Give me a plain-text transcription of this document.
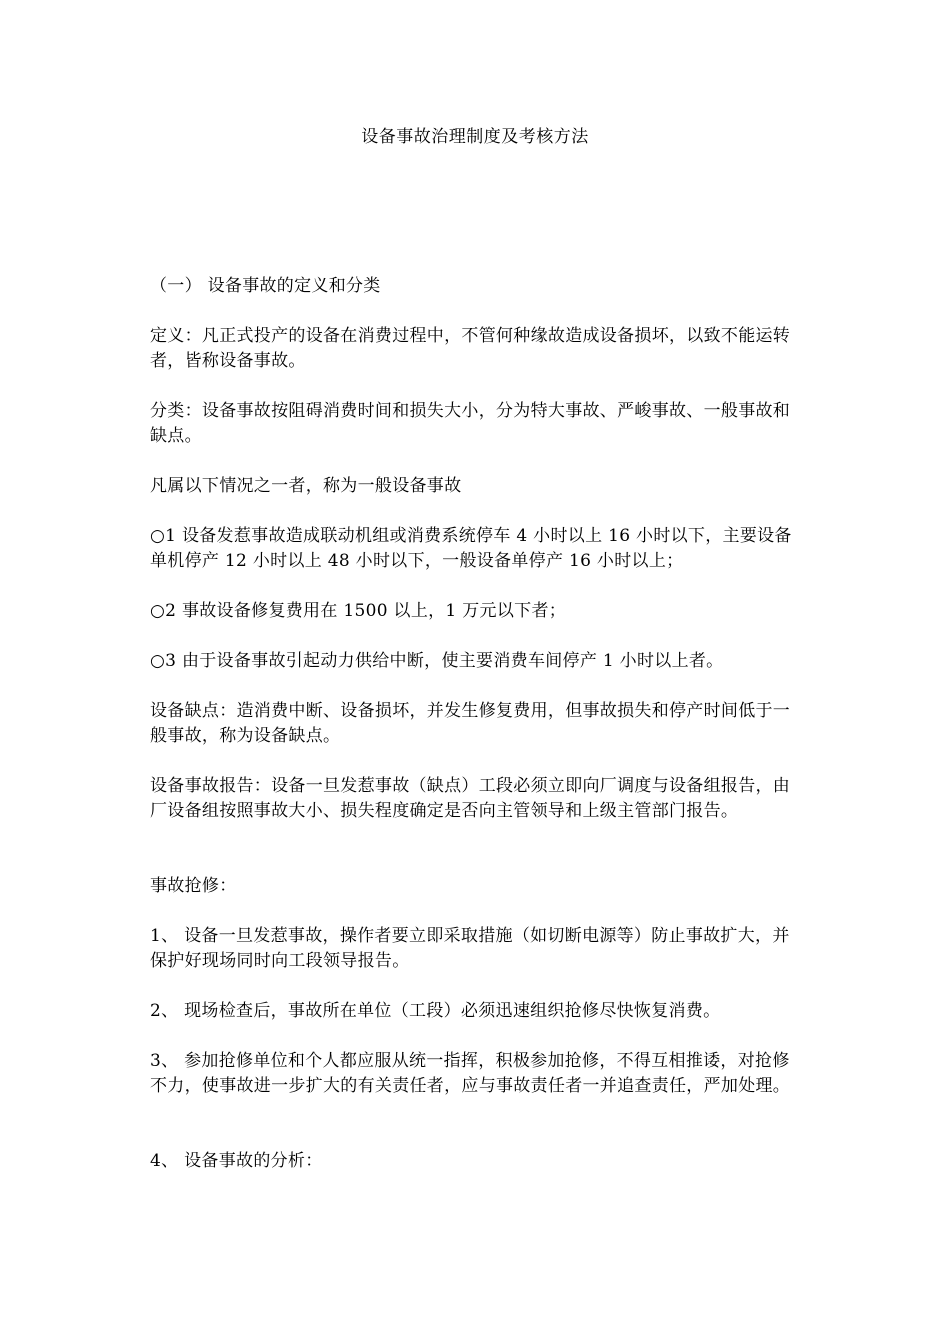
设备事故治理制度及考核方法

（一） 设备事故的定义和分类

定义：凡正式投产的设备在消费过程中，不管何种缘故造成设备损坏，以致不能运转者，皆称设备事故。

分类：设备事故按阻碍消费时间和损失大小，分为特大事故、严峻事故、一般事故和缺点。

凡属以下情况之一者，称为一般设备事故

○1 设备发惹事故造成联动机组或消费系统停车 4 小时以上 16 小时以下，主要设备单机停产 12 小时以上 48 小时以下，一般设备单停产 16 小时以上；

○2 事故设备修复费用在 1500 以上，1 万元以下者；

○3 由于设备事故引起动力供给中断，使主要消费车间停产 1 小时以上者。

设备缺点：造消费中断、设备损坏，并发生修复费用，但事故损失和停产时间低于一般事故，称为设备缺点。

设备事故报告：设备一旦发惹事故（缺点）工段必须立即向厂调度与设备组报告，由厂设备组按照事故大小、损失程度确定是否向主管领导和上级主管部门报告。

事故抢修：

1、 设备一旦发惹事故，操作者要立即采取措施（如切断电源等）防止事故扩大，并保护好现场同时向工段领导报告。

2、 现场检查后，事故所在单位（工段）必须迅速组织抢修尽快恢复消费。

3、 参加抢修单位和个人都应服从统一指挥，积极参加抢修，不得互相推诿，对抢修不力，使事故进一步扩大的有关责任者，应与事故责任者一并追查责任，严加处理。

4、 设备事故的分析：
